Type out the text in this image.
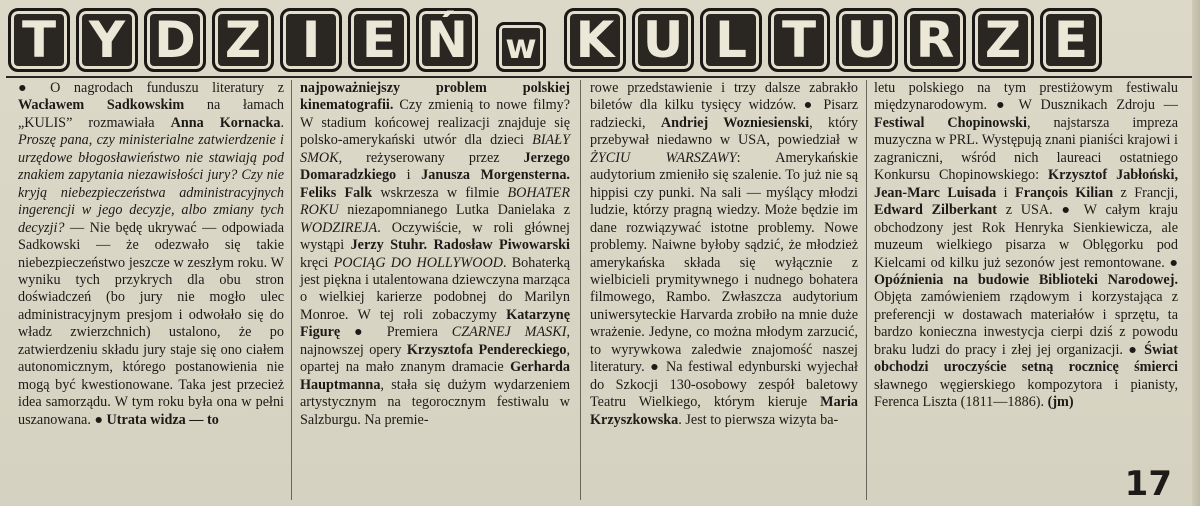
T Y D Z I E Ń w K U L T U R Z E
● O nagrodach funduszu literatury z Wacławem Sadkowskim na łamach „KULIS” rozmawiała Anna Kornacka. Proszę pana, czy ministerialne zatwierdzenie i urzędowe błogosławieństwo nie stawiają pod znakiem zapytania niezawisłości jury? Czy nie kryją niebezpieczeństwa administracyjnych ingerencji w jego decyzje, albo zmiany tych decyzji? — Nie będę ukrywać — odpowiada Sadkowski — że odezwało się takie niebezpieczeństwo jeszcze w zeszłym roku. W wyniku tych przykrych dla obu stron doświadczeń (bo jury nie mogło ulec administracyjnym presjom i odwołało się do władz zwierzchnich) ustalono, że po zatwierdzeniu składu jury staje się ono ciałem autonomicznym, którego postanowienia nie mogą być kwestionowane. Taka jest przecież idea samorządu. W tym roku była ona w pełni uszanowana. ● Utrata widza — to
najpoważniejszy problem polskiej kinematografii. Czy zmienią to nowe filmy? W stadium końcowej realizacji znajduje się polsko-amerykański utwór dla dzieci BIAŁY SMOK, reżyserowany przez Jerzego Domaradzkiego i Janusza Morgensterna. Feliks Falk wskrzesza w filmie BOHATER ROKU niezapomnianego Lutka Danielaka z WODZIREJA. Oczywiście, w roli głównej wystąpi Jerzy Stuhr. Radosław Piwowarski kręci POCIĄG DO HOLLYWOOD. Bohaterką jest piękna i utalentowana dziewczyna marząca o wielkiej karierze podobnej do Marilyn Monroe. W tej roli zobaczymy Katarzynę Figurę ● Premiera CZARNEJ MASKI, najnowszej opery Krzysztofa Pendereckiego, opartej na mało znanym dramacie Gerharda Hauptmanna, stała się dużym wydarzeniem artystycznym na tegorocznym festiwalu w Salzburgu. Na premie-
rowe przedstawienie i trzy dalsze zabrakło biletów dla kilku tysięcy widzów. ● Pisarz radziecki, Andriej Wozniesienski, który przebywał niedawno w USA, powiedział w ŻYCIU WARSZAWY: Amerykańskie audytorium zmieniło się szalenie. To już nie są hippisi czy punki. Na sali — myślący młodzi ludzie, którzy pragną wiedzy. Może będzie im dane rozwiązywać istotne problemy. Nowe problemy. Naiwne byłoby sądzić, że młodzież amerykańska składa się wyłącznie z wielbicieli prymitywnego i nudnego bohatera filmowego, Rambo. Zwłaszcza audytorium uniwersyteckie Harvarda zrobiło na mnie duże wrażenie. Jedyne, co można młodym zarzucić, to wyrywkowa zaledwie znajomość naszej literatury. ● Na festiwal edynburski wyjechał do Szkocji 130-osobowy zespół baletowy Teatru Wielkiego, którym kieruje Maria Krzyszkowska. Jest to pierwsza wizyta ba-
letu polskiego na tym prestiżowym festiwalu międzynarodowym. ● W Dusznikach Zdroju — Festiwal Chopinowski, najstarsza impreza muzyczna w PRL. Występują znani pianiści krajowi i zagraniczni, wśród nich laureaci ostatniego Konkursu Chopinowskiego: Krzysztof Jabłoński, Jean-Marc Luisada i François Kilian z Francji, Edward Zilberkant z USA. ● W całym kraju obchodzony jest Rok Henryka Sienkiewicza, ale muzeum wielkiego pisarza w Oblęgorku pod Kielcami od kilku już sezonów jest remontowane. ● Opóźnienia na budowie Biblioteki Narodowej. Objęta zamówieniem rządowym i korzystająca z preferencji w dostawach materiałów i sprzętu, ta bardzo konieczna inwestycja cierpi dziś z powodu braku ludzi do pracy i złej jej organizacji. ● Świat obchodzi uroczyście setną rocznicę śmierci sławnego węgierskiego kompozytora i pianisty, Ferenca Liszta (1811—1886). (jm)
17
